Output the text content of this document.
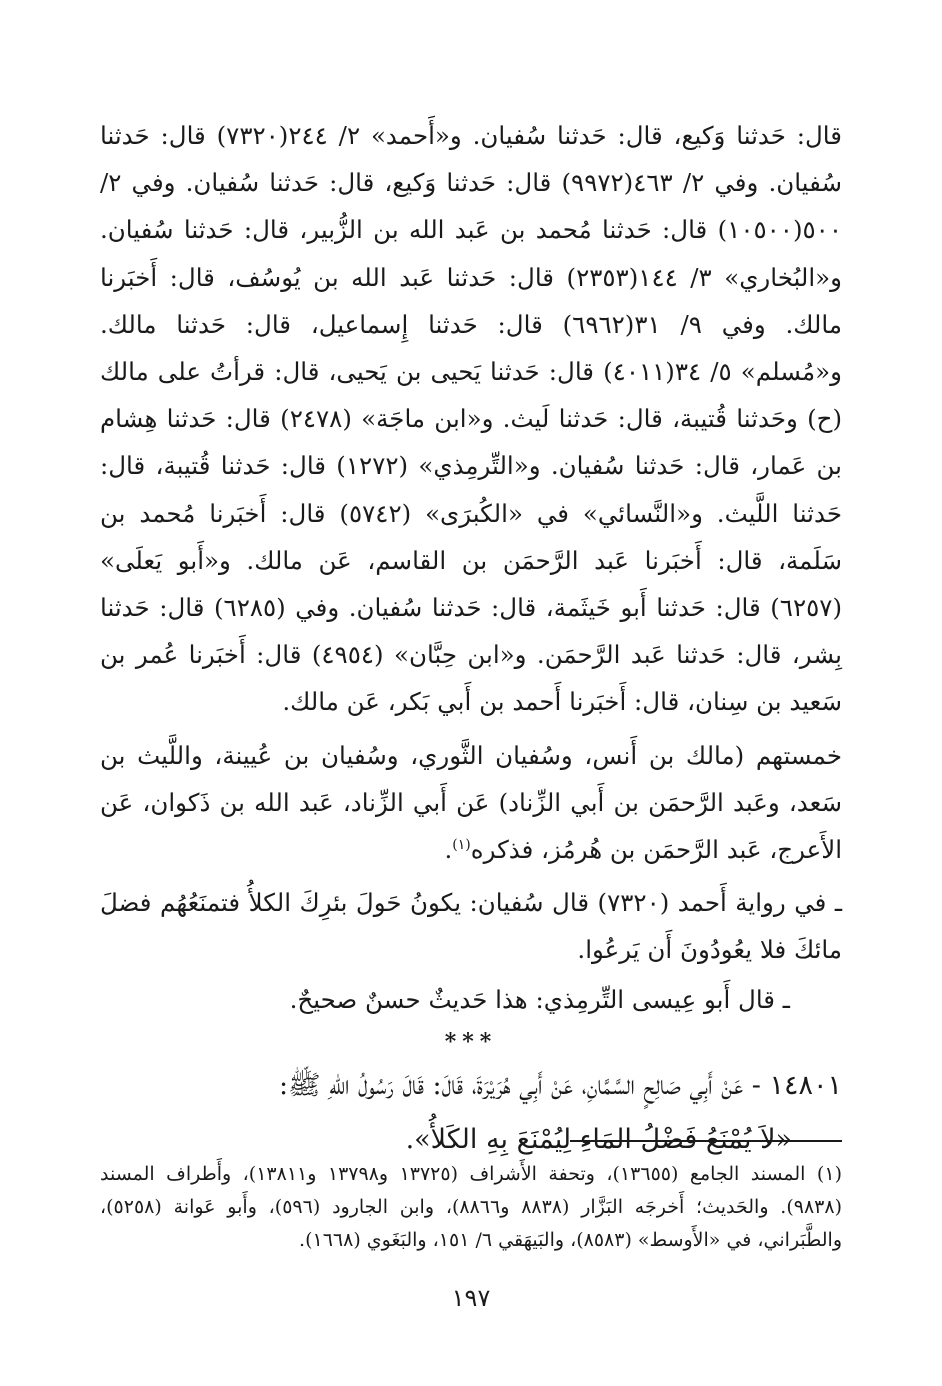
قال: حَدثنا وَكيع، قال: حَدثنا سُفيان. و«أَحمد» ٢/ ٢٤٤(٧٣٢٠) قال: حَدثنا سُفيان. وفي ٢/ ٤٦٣(٩٩٧٢) قال: حَدثنا وَكيع، قال: حَدثنا سُفيان. وفي ٢/ ٥٠٠(١٠٥٠٠) قال: حَدثنا مُحمد بن عَبد الله بن الزُّبير، قال: حَدثنا سُفيان. و«البُخاري» ٣/ ١٤٤(٢٣٥٣) قال: حَدثنا عَبد الله بن يُوسُف، قال: أَخبَرنا مالك. وفي ٩/ ٣١(٦٩٦٢) قال: حَدثنا إِسماعيل، قال: حَدثنا مالك. و«مُسلم» ٥/ ٣٤(٤٠١١) قال: حَدثنا يَحيى بن يَحيى، قال: قرأتُ على مالك (ح) وحَدثنا قُتيبة، قال: حَدثنا لَيث. و«ابن ماجَة» (٢٤٧٨) قال: حَدثنا هِشام بن عَمار، قال: حَدثنا سُفيان. و«التِّرمِذي» (١٢٧٢) قال: حَدثنا قُتيبة، قال: حَدثنا اللَّيث. و«النَّسائي» في «الكُبرَى» (٥٧٤٢) قال: أَخبَرنا مُحمد بن سَلَمة، قال: أَخبَرنا عَبد الرَّحمَن بن القاسم، عَن مالك. و«أَبو يَعلَى» (٦٢٥٧) قال: حَدثنا أَبو خَيثَمة، قال: حَدثنا سُفيان. وفي (٦٢٨٥) قال: حَدثنا بِشر، قال: حَدثنا عَبد الرَّحمَن. و«ابن حِبَّان» (٤٩٥٤) قال: أَخبَرنا عُمر بن سَعيد بن سِنان، قال: أَخبَرنا أَحمد بن أَبي بَكر، عَن مالك.

خمستهم (مالك بن أَنس، وسُفيان الثَّوري، وسُفيان بن عُيينة، واللَّيث بن سَعد، وعَبد الرَّحمَن بن أَبي الزِّناد) عَن أَبي الزِّناد، عَبد الله بن ذَكوان، عَن الأَعرج، عَبد الرَّحمَن بن هُرمُز، فذكره$^{(١)}$.

ـ في رواية أَحمد (٧٣٢٠) قال سُفيان: يكونُ حَولَ بئرِكَ الكلأُ فتمنَعُهُم فضلَ مائكَ فلا يعُودُونَ أَن يَرعُوا.

ـ قال أَبو عِيسى التِّرمِذي: هذا حَديثٌ حسنٌ صحيحٌ.

***

١٤٨٠١ - عَنْ أَبِي صَالِحٍ السَّمَّانِ، عَنْ أَبِي هُرَيْرَةَ، قَالَ: قَالَ رَسُولُ اللهِ ﷺ:

«لاَ يُمْنَعُ فَضْلُ المَاءِ لِيُمْنَعَ بِهِ الكَلأُ».

(١) المسند الجامع (١٣٦٥٥)، وتحفة الأَشراف (١٣٧٢٥ و١٣٧٩٨ و١٣٨١١)، وأَطراف المسند (٩٨٣٨). والحَديث؛ أَخرجَه البَزَّار (٨٨٣٨ و٨٨٦٦)، وابن الجارود (٥٩٦)، وأَبو عَوانة (٥٢٥٨)، والطَّبَراني، في «الأَوسط» (٨٥٨٣)، والبَيهَقي ٦/ ١٥١، والبَغَوي (١٦٦٨).

١٩٧
